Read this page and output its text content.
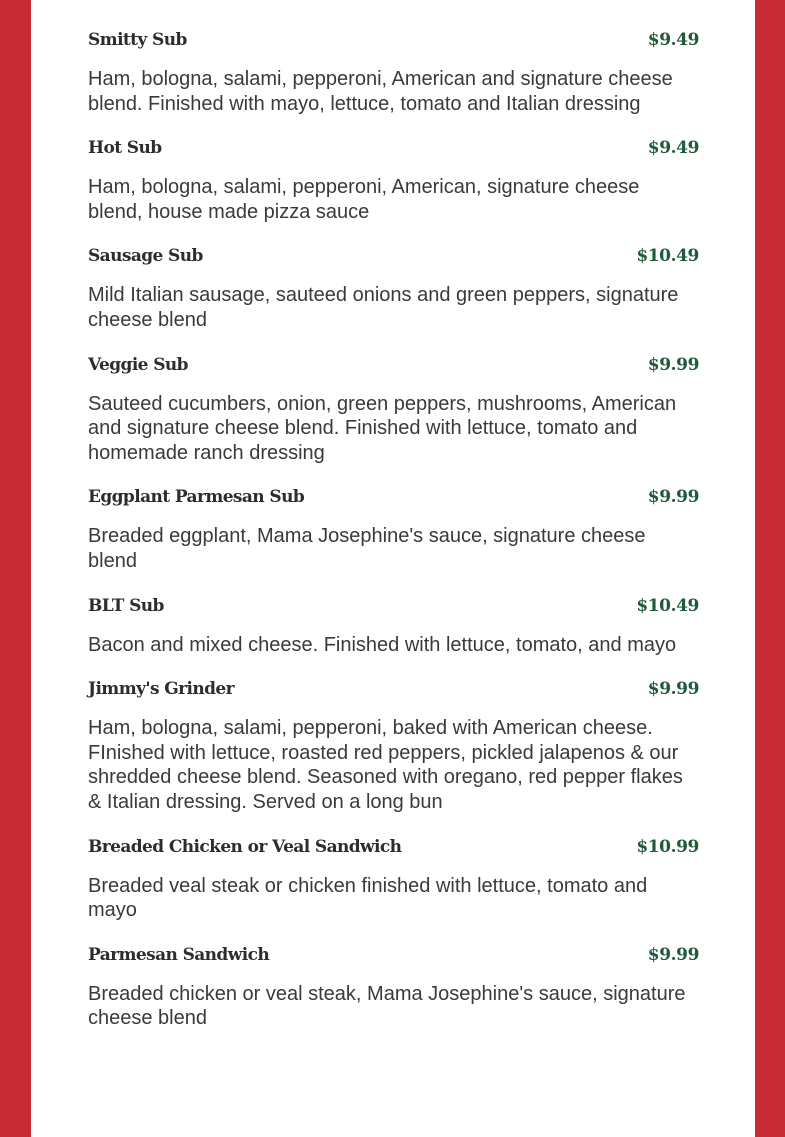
Smitty Sub	$9.49
Ham, bologna, salami, pepperoni, American and signature cheese blend. Finished with mayo, lettuce, tomato and Italian dressing
Hot Sub	$9.49
Ham, bologna, salami, pepperoni, American, signature cheese blend, house made pizza sauce
Sausage Sub	$10.49
Mild Italian sausage, sauteed onions and green peppers, signature cheese blend
Veggie Sub	$9.99
Sauteed cucumbers, onion, green peppers, mushrooms, American and signature cheese blend. Finished with lettuce, tomato and homemade ranch dressing
Eggplant Parmesan Sub	$9.99
Breaded eggplant, Mama Josephine's sauce, signature cheese blend
BLT Sub	$10.49
Bacon and mixed cheese. Finished with lettuce, tomato, and mayo
Jimmy's Grinder	$9.99
Ham, bologna, salami, pepperoni, baked with American cheese. FInished with lettuce, roasted red peppers, pickled jalapenos & our shredded cheese blend. Seasoned with oregano, red pepper flakes & Italian dressing. Served on a long bun
Breaded Chicken or Veal Sandwich	$10.99
Breaded veal steak or chicken finished with lettuce, tomato and mayo
Parmesan Sandwich	$9.99
Breaded chicken or veal steak, Mama Josephine's sauce, signature cheese blend
